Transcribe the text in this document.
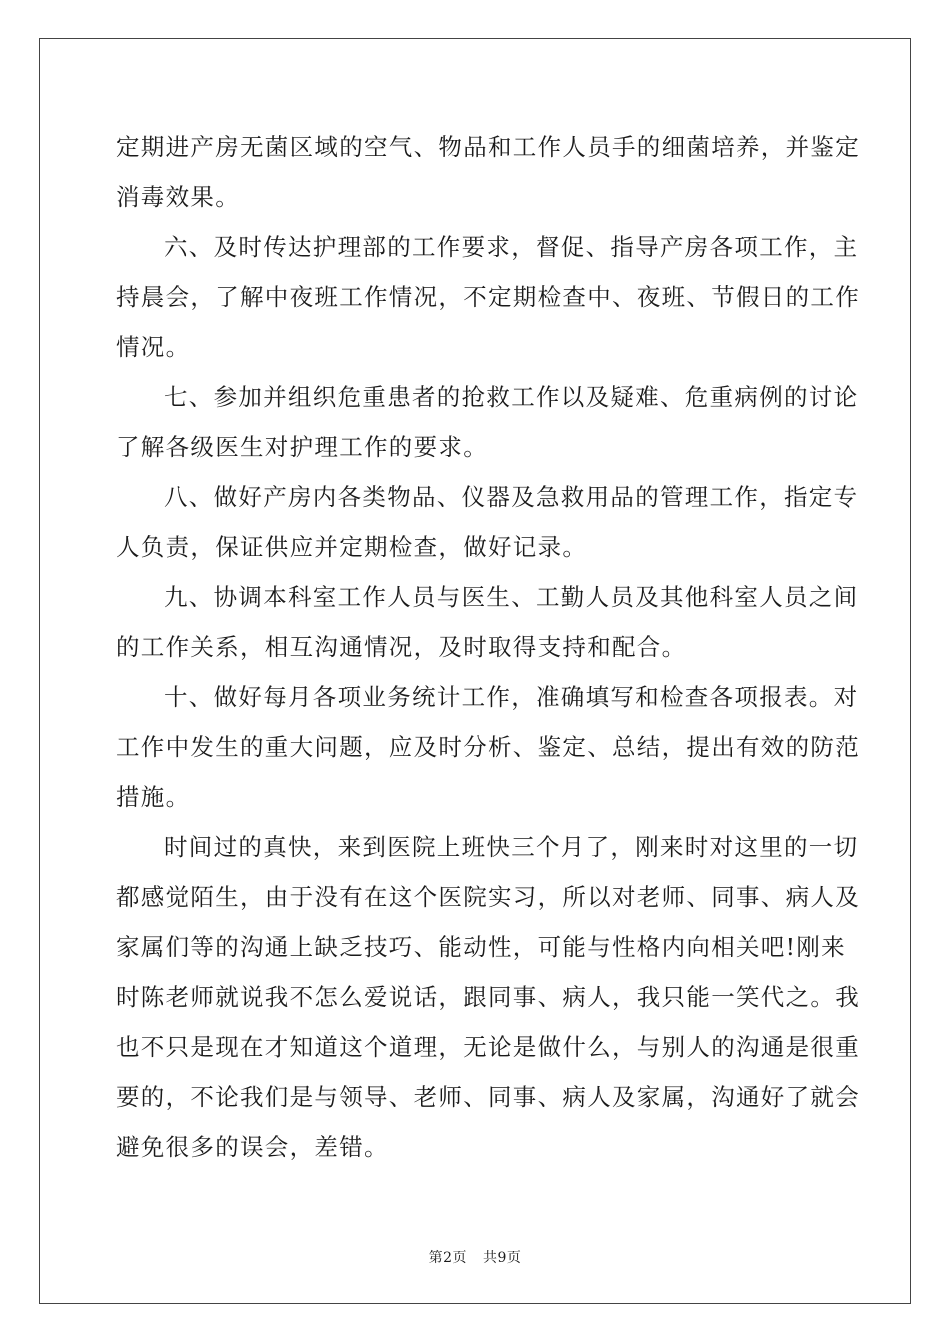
定期进产房无菌区域的空气、物品和工作人员手的细菌培养，并鉴定
消毒效果。
六、及时传达护理部的工作要求，督促、指导产房各项工作，主
持晨会，了解中夜班工作情况，不定期检查中、夜班、节假日的工作
情况。
七、参加并组织危重患者的抢救工作以及疑难、危重病例的讨论
了解各级医生对护理工作的要求。
八、做好产房内各类物品、仪器及急救用品的管理工作，指定专
人负责，保证供应并定期检查，做好记录。
九、协调本科室工作人员与医生、工勤人员及其他科室人员之间
的工作关系，相互沟通情况，及时取得支持和配合。
十、做好每月各项业务统计工作，准确填写和检查各项报表。对
工作中发生的重大问题，应及时分析、鉴定、总结，提出有效的防范
措施。
时间过的真快，来到医院上班快三个月了，刚来时对这里的一切
都感觉陌生，由于没有在这个医院实习，所以对老师、同事、病人及
家属们等的沟通上缺乏技巧、能动性，可能与性格内向相关吧!刚来
时陈老师就说我不怎么爱说话，跟同事、病人，我只能一笑代之。我
也不只是现在才知道这个道理，无论是做什么，与别人的沟通是很重
要的，不论我们是与领导、老师、同事、病人及家属，沟通好了就会
避免很多的误会，差错。
第2页 共9页
